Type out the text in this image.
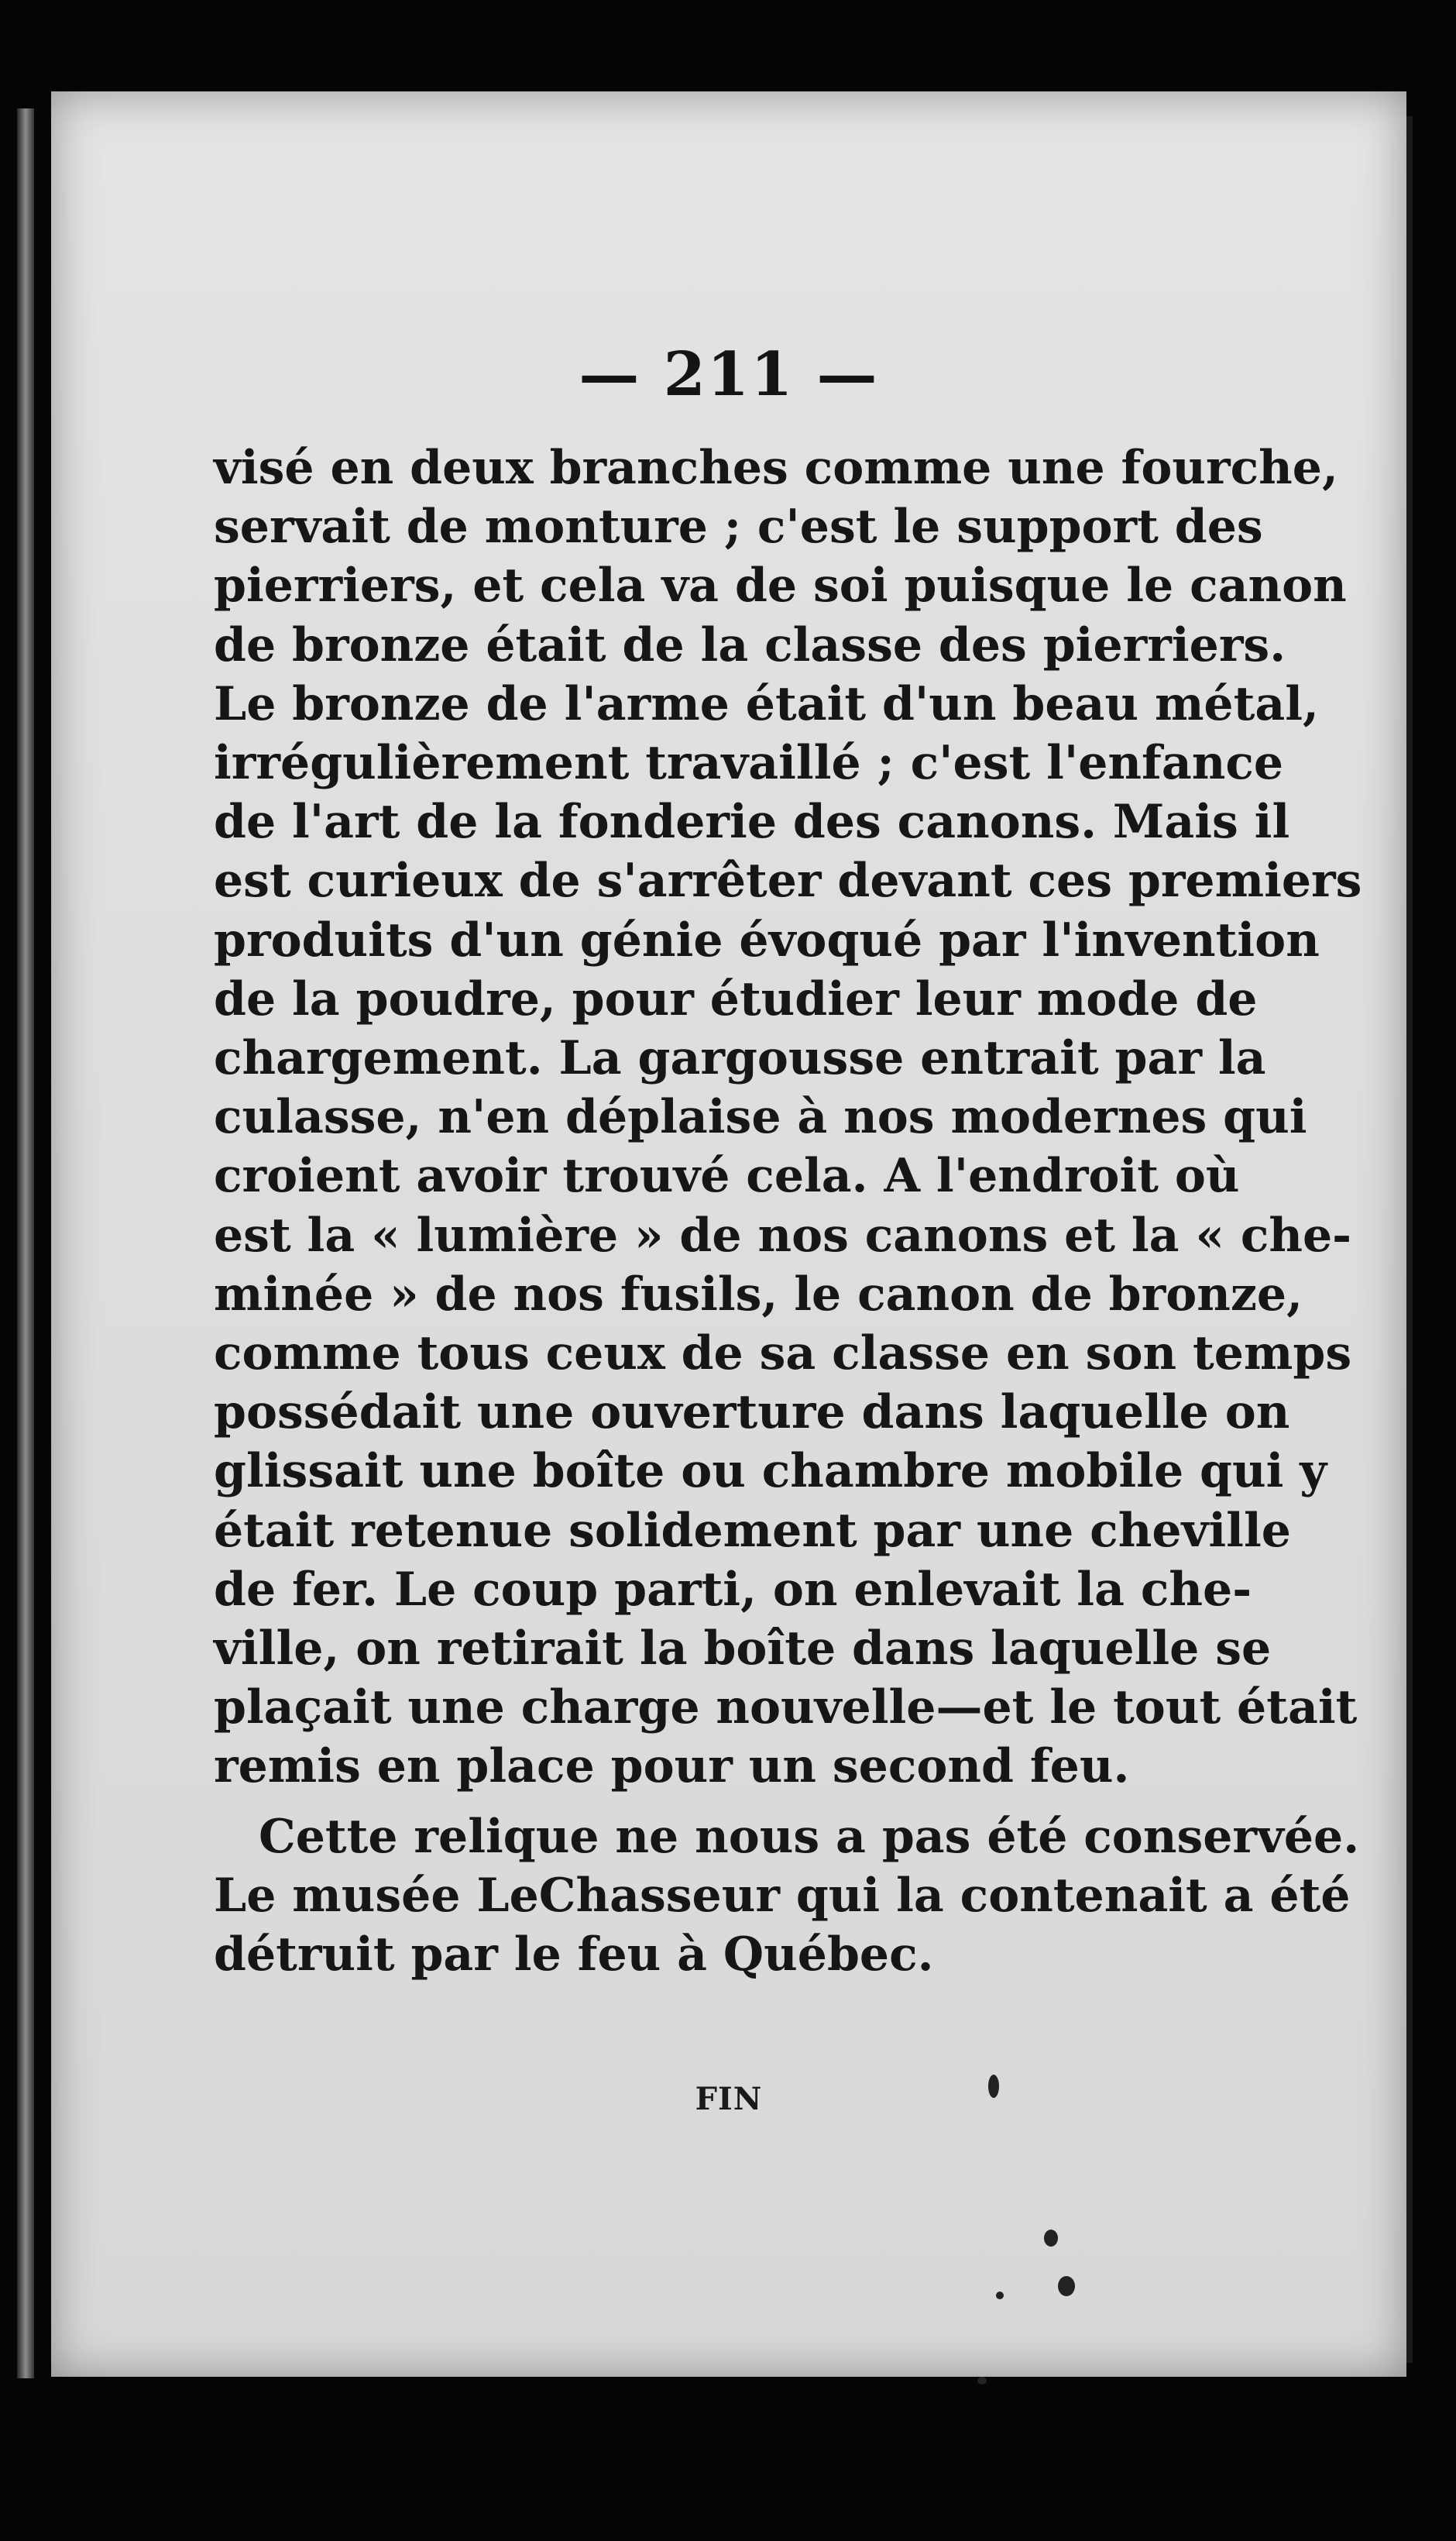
— 211 —
visé en deux branches comme une fourche,
servait de monture ; c'est le support des
pierriers, et cela va de soi puisque le canon
de bronze était de la classe des pierriers.
Le bronze de l'arme était d'un beau métal,
irrégulièrement travaillé ; c'est l'enfance
de l'art de la fonderie des canons. Mais il
est curieux de s'arrêter devant ces premiers
produits d'un génie évoqué par l'invention
de la poudre, pour étudier leur mode de
chargement. La gargousse entrait par la
culasse, n'en déplaise à nos modernes qui
croient avoir trouvé cela. A l'endroit où
est la « lumière » de nos canons et la « che-
minée » de nos fusils, le canon de bronze,
comme tous ceux de sa classe en son temps
possédait une ouverture dans laquelle on
glissait une boîte ou chambre mobile qui y
était retenue solidement par une cheville
de fer. Le coup parti, on enlevait la che-
ville, on retirait la boîte dans laquelle se
plaçait une charge nouvelle—et le tout était
remis en place pour un second feu.
Cette relique ne nous a pas été conservée.
Le musée LeChasseur qui la contenait a été
détruit par le feu à Québec.
FIN
